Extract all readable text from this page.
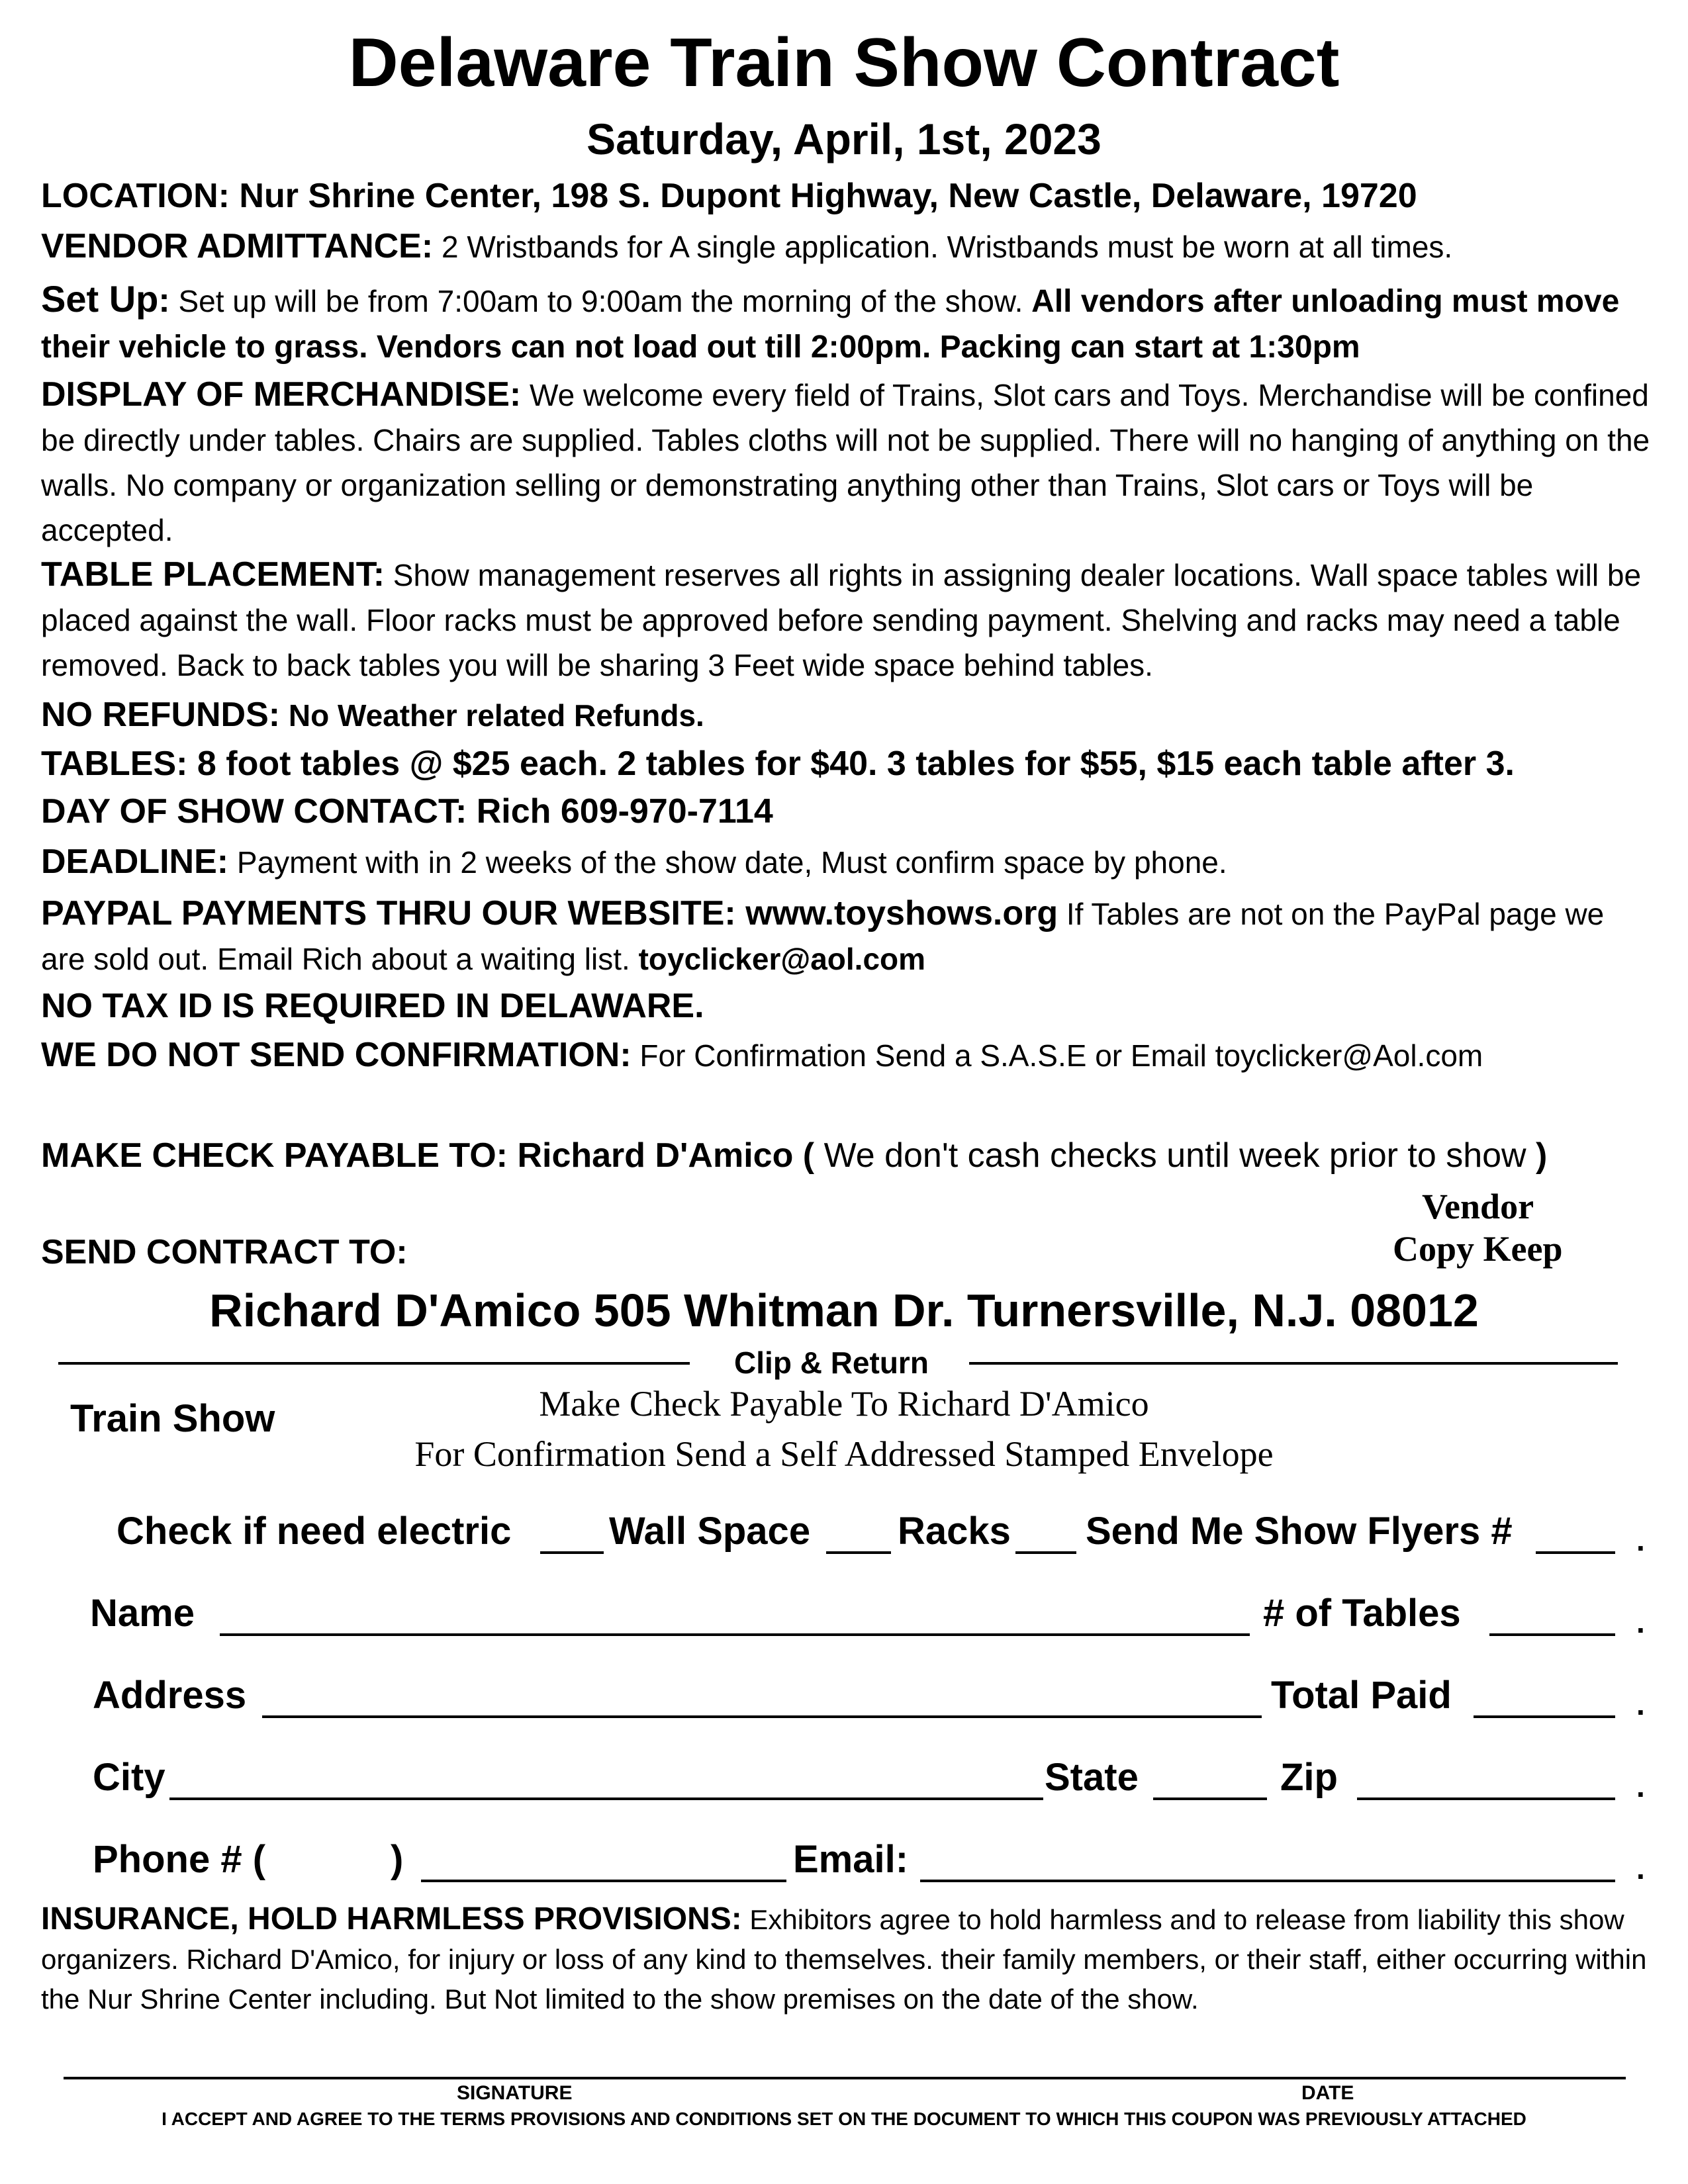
Delaware Train Show Contract
Saturday, April, 1st, 2023
LOCATION: Nur Shrine Center, 198 S. Dupont Highway, New Castle, Delaware, 19720
VENDOR ADMITTANCE: 2 Wristbands for A single application. Wristbands must be worn at all times.
Set Up: Set up will be from 7:00am to 9:00am the morning of the show. All vendors after unloading must move their vehicle to grass. Vendors can not load out till 2:00pm. Packing can start at 1:30pm
DISPLAY OF MERCHANDISE: We welcome every field of Trains, Slot cars and Toys. Merchandise will be confined be directly under tables. Chairs are supplied. Tables cloths will not be supplied. There will no hanging of anything on the walls. No company or organization selling or demonstrating anything other than Trains, Slot cars or Toys will be accepted.
TABLE PLACEMENT: Show management reserves all rights in assigning dealer locations. Wall space tables will be placed against the wall. Floor racks must be approved before sending payment. Shelving and racks may need a table removed. Back to back tables you will be sharing 3 Feet wide space behind tables.
NO REFUNDS: No Weather related Refunds.
TABLES: 8 foot tables @ $25 each. 2 tables for $40. 3 tables for $55, $15 each table after 3.
DAY OF SHOW CONTACT: Rich 609-970-7114
DEADLINE: Payment with in 2 weeks of the show date, Must confirm space by phone.
PAYPAL PAYMENTS THRU OUR WEBSITE: www.toyshows.org If Tables are not on the PayPal page we are sold out. Email Rich about a waiting list. toyclicker@aol.com
NO TAX ID IS REQUIRED IN DELAWARE.
WE DO NOT SEND CONFIRMATION: For Confirmation Send a S.A.S.E or Email toyclicker@Aol.com
MAKE CHECK PAYABLE TO: Richard D'Amico ( We don't cash checks until week prior to show )
Vendor
Copy Keep
SEND CONTRACT TO:
Richard D'Amico 505 Whitman Dr. Turnersville, N.J. 08012
Clip & Return
Train Show	Make Check Payable To Richard D'Amico
For Confirmation Send a Self Addressed Stamped Envelope
Check if need electric	Wall Space Racks Send Me Show Flyers #	.
Name	# of Tables	.
Address	Total Paid	.
City	State	Zip	.
Phone # (	)	Email:	.
INSURANCE, HOLD HARMLESS PROVISIONS: Exhibitors agree to hold harmless and to release from liability this show organizers. Richard D'Amico, for injury or loss of any kind to themselves. their family members, or their staff, either occurring within the Nur Shrine Center including. But Not limited to the show premises on the date of the show.
SIGNATURE	DATE
I ACCEPT AND AGREE TO THE TERMS PROVISIONS AND CONDITIONS SET ON THE DOCUMENT TO WHICH THIS COUPON WAS PREVIOUSLY ATTACHED
